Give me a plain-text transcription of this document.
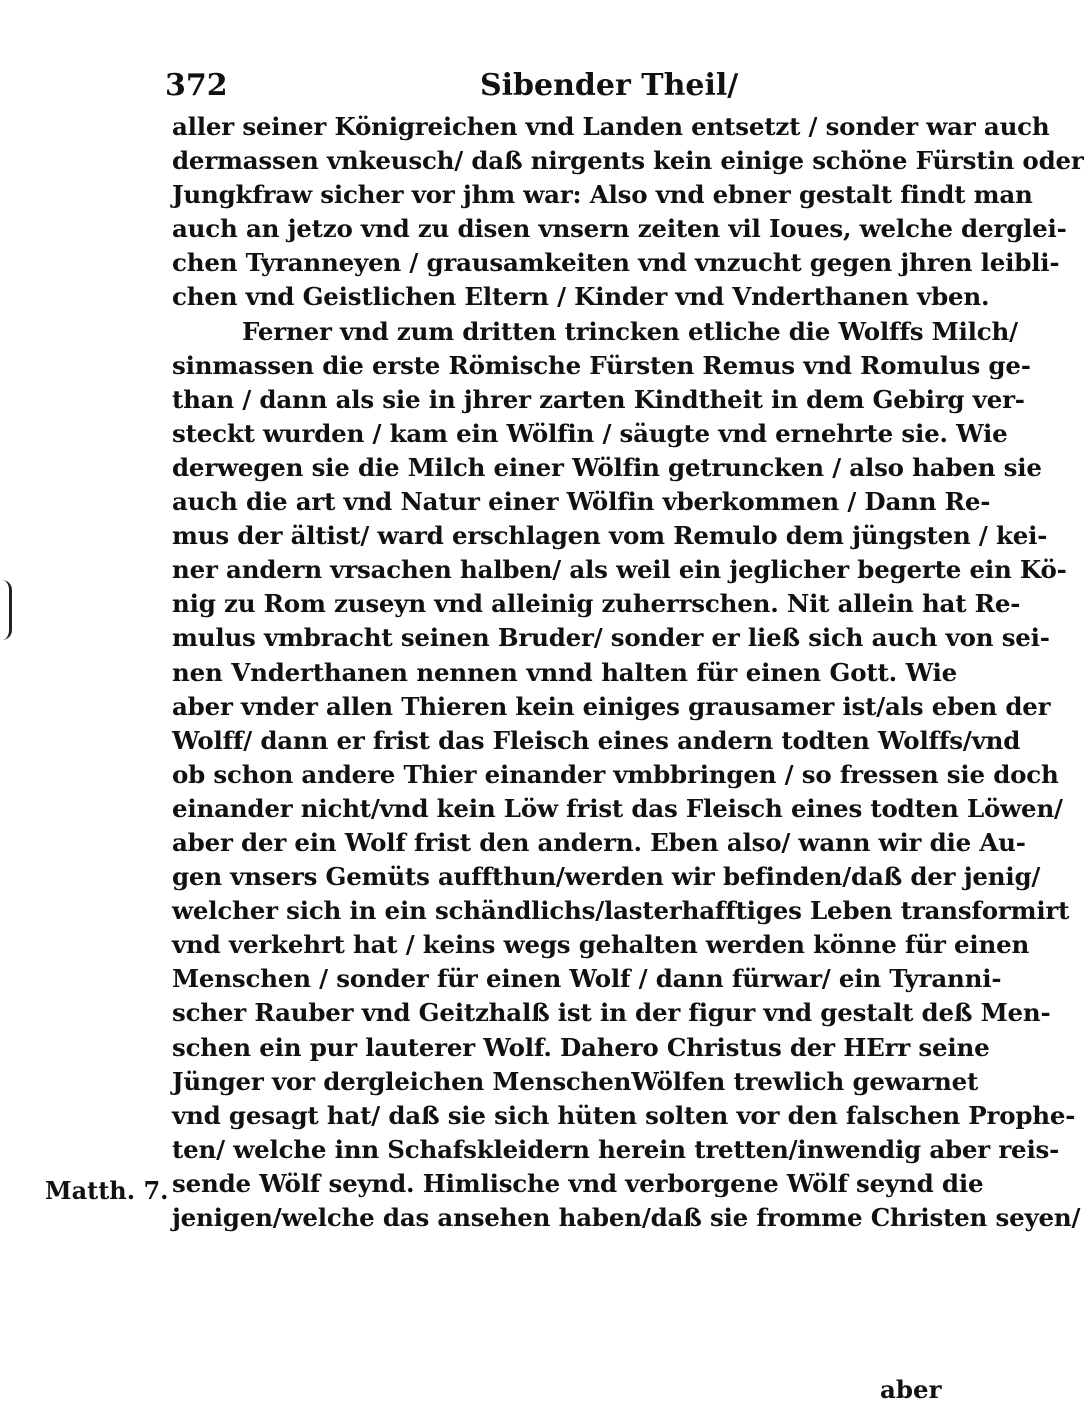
372	Sibender Theil/
Matth. 7.
aller seiner Königreichen vnd Landen entsetzt / sonder war auch
dermassen vnkeusch/ daß nirgents kein einige schöne Fürstin oder
Jungkfraw sicher vor jhm war: Also vnd ebner gestalt findt man
auch an jetzo vnd zu disen vnsern zeiten vil Ioues, welche derglei-
chen Tyranneyen / grausamkeiten vnd vnzucht gegen jhren leibli-
chen vnd Geistlichen Eltern / Kinder vnd Vnderthanen vben.
Ferner vnd zum dritten trincken etliche die Wolffs Milch/
sinmassen die erste Römische Fürsten Remus vnd Romulus ge-
than / dann als sie in jhrer zarten Kindtheit in dem Gebirg ver-
steckt wurden / kam ein Wölfin / säugte vnd ernehrte sie. Wie
derwegen sie die Milch einer Wölfin getruncken / also haben sie
auch die art vnd Natur einer Wölfin vberkommen / Dann Re-
mus der ältist/ ward erschlagen vom Remulo dem jüngsten / kei-
ner andern vrsachen halben/ als weil ein jeglicher begerte ein Kö-
nig zu Rom zuseyn vnd alleinig zuherrschen. Nit allein hat Re-
mulus vmbracht seinen Bruder/ sonder er ließ sich auch von sei-
nen Vnderthanen nennen vnnd halten für einen Gott. Wie
aber vnder allen Thieren kein einiges grausamer ist/als eben der
Wolff/ dann er frist das Fleisch eines andern todten Wolffs/vnd
ob schon andere Thier einander vmbbringen / so fressen sie doch
einander nicht/vnd kein Löw frist das Fleisch eines todten Löwen/
aber der ein Wolf frist den andern. Eben also/ wann wir die Au-
gen vnsers Gemüts auffthun/werden wir befinden/daß der jenig/
welcher sich in ein schändlichs/lasterhafftiges Leben transformirt
vnd verkehrt hat / keins wegs gehalten werden könne für einen
Menschen / sonder für einen Wolf / dann fürwar/ ein Tyranni-
scher Rauber vnd Geitzhalß ist in der figur vnd gestalt deß Men-
schen ein pur lauterer Wolf. Dahero Christus der HErr seine
Jünger vor dergleichen MenschenWölfen trewlich gewarnet
vnd gesagt hat/ daß sie sich hüten solten vor den falschen Prophe-
ten/ welche inn Schafskleidern herein tretten/inwendig aber reis-
sende Wölf seynd. Himlische vnd verborgene Wölf seynd die
jenigen/welche das ansehen haben/daß sie fromme Christen seyen/
aber
